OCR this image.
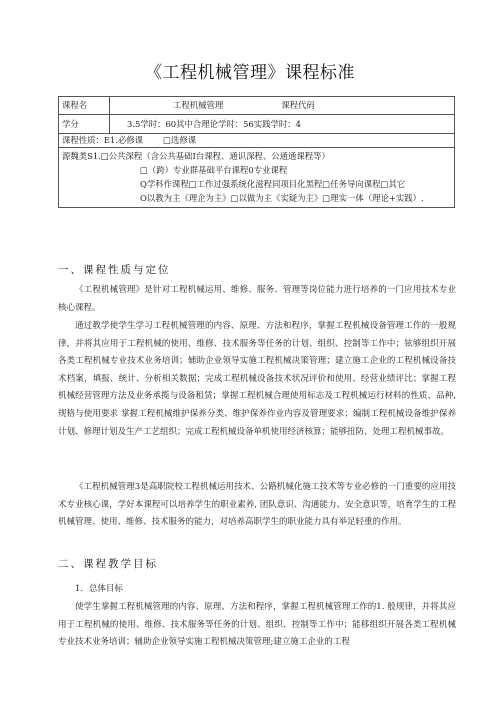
《工程机械管理》课程标准
课程名	工程机械管理 课程代码
学分	3.5学时：60其中合理论学时：56实践学时：4
课程性质：E1.必修课 □选修课	

源魏类S1.□公共深程（含公共基础I台课程、通识深程、公通通课程等）
□（跨）专业群基础平台课程0专业课程
Q学科作课程□工作过强系统化滋程同项目化黑程□任务导向课程□其它
O以教为主《理企为主》□以做为主《实疑为主》□理实一体（理论+实践）.	
一、课程性质与定位
《工程机械管理》是针对工程机械运用、维修、服务、管理等岗位能力进行培养的一门应用技术专业核心课程。
通过教学使学生学习工程机械管理的内容、原理、方法和程序，掌握工程机械设备管理工作的一般规律，并将其应用于工程机械的使用、维修、技术服务等任务的计划、组织、控制等工作中；铉够组织开展各类工程机械专业技术业务培训；辅助企业领导实施工程机械决策管理；建立施工企业的工程机械设备技术档案，填报、统计、分析相关数据；完成工程机械设备技术状况评价和使用、经营业绩评比；掌握工程机械经营管理方法及业务承揽与设备租赁；掌握工程机械合理使用标志及工程机械运行材料的性质、品种, 规格与使用要求 掌握工程机械维护保养分类、维护保养作业内容及管理要求；编制工程机械设备维护保养计划、修理计划及生产工艺组织；完成工程机械设备单机使用经济核算；能够扭防、处理工程机械事故。
《工程机械管理3是高职院校工程机械运用技术、公路机械化施工技术等专业必修的一门重要的应用技术专业核心课，学好本课程可以培养学生的职业素养, 团队意识、沟通能力、安全意识等，培育学生的工程机械管理、使用、维修、技术服务的能力，对培养高职学生的职业能力具有举足轻重的作用。
二、课程教学目标
1．总体目标
使学生掌握工程机械管理的内容、原理、方法和程序，掌握工程机械管理工作的1. 般规律，并将其应用于工程机械的使用、维修、技术服务等任务的计划、组织、控制等工作中；能移组织开展各类工程机械专业技术业务培训；辅助企业领导实施工程机械决策管理;建立施工企业的工程
